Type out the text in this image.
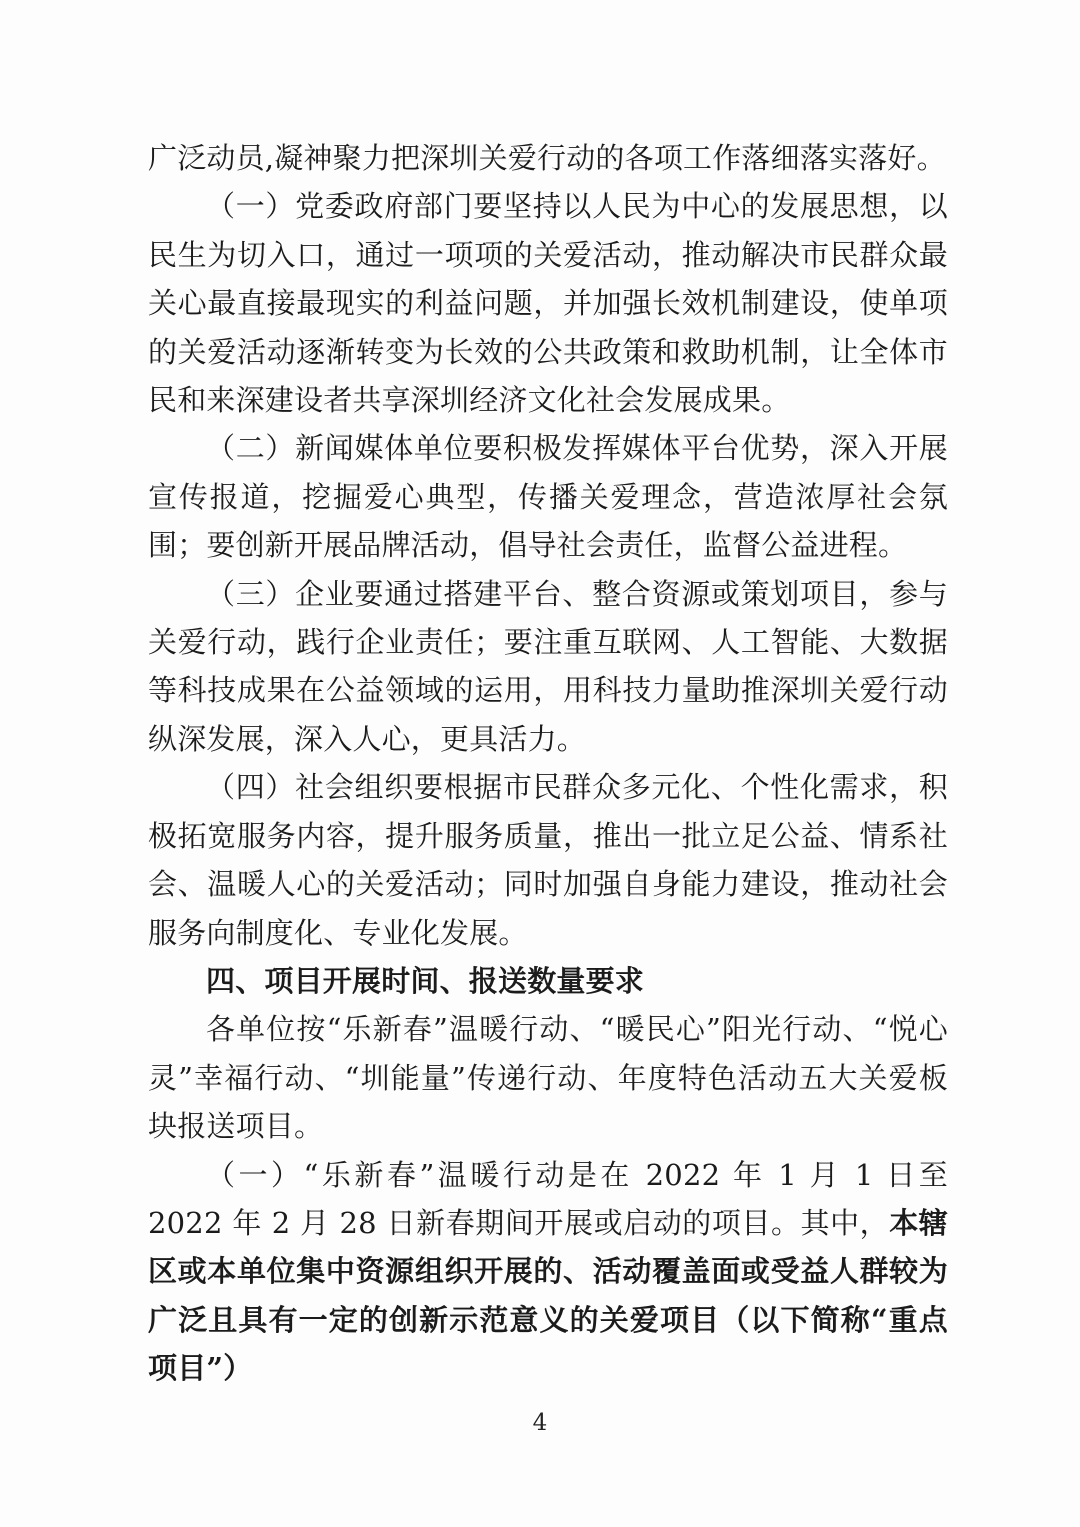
广泛动员,凝神聚力把深圳关爱行动的各项工作落细落实落好。

（一）党委政府部门要坚持以人民为中心的发展思想，以民生为切入口，通过一项项的关爱活动，推动解决市民群众最关心最直接最现实的利益问题，并加强长效机制建设，使单项的关爱活动逐渐转变为长效的公共政策和救助机制，让全体市民和来深建设者共享深圳经济文化社会发展成果。

（二）新闻媒体单位要积极发挥媒体平台优势，深入开展宣传报道，挖掘爱心典型，传播关爱理念，营造浓厚社会氛围；要创新开展品牌活动，倡导社会责任，监督公益进程。

（三）企业要通过搭建平台、整合资源或策划项目，参与关爱行动，践行企业责任；要注重互联网、人工智能、大数据等科技成果在公益领域的运用，用科技力量助推深圳关爱行动纵深发展，深入人心，更具活力。

（四）社会组织要根据市民群众多元化、个性化需求，积极拓宽服务内容，提升服务质量，推出一批立足公益、情系社会、温暖人心的关爱活动；同时加强自身能力建设，推动社会服务向制度化、专业化发展。

四、项目开展时间、报送数量要求

各单位按“乐新春”温暖行动、“暖民心”阳光行动、“悦心灵”幸福行动、“圳能量”传递行动、年度特色活动五大关爱板块报送项目。

（一）“乐新春”温暖行动是在 2022 年 1 月 1 日至 2022 年 2 月 28 日新春期间开展或启动的项目。其中，本辖区或本单位集中资源组织开展的、活动覆盖面或受益人群较为广泛且具有一定的创新示范意义的关爱项目（以下简称“重点项目”）

4
